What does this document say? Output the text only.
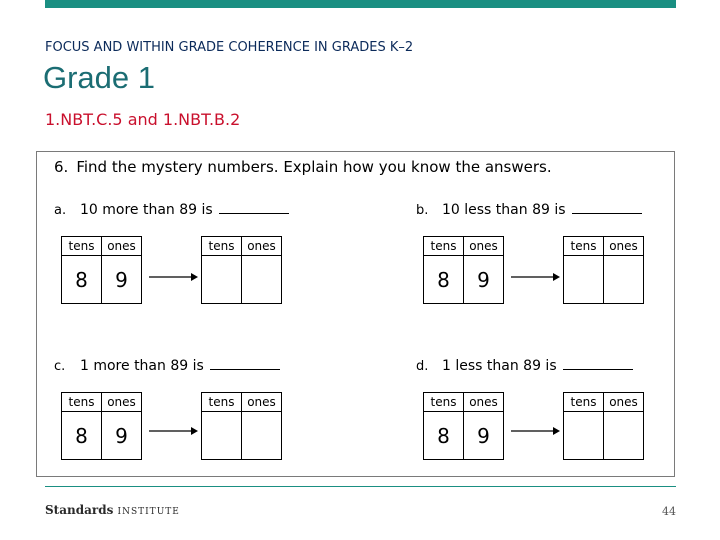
FOCUS AND WITHIN GRADE COHERENCE IN GRADES K–2
Grade 1
1.NBT.C.5 and 1.NBT.B.2
6. Find the mystery numbers. Explain how you know the answers.
a. 10 more than 89 is
tens	ones
8	9
tens	ones

b. 10 less than 89 is
tens	ones
8	9
tens	ones

c. 1 more than 89 is
tens	ones
8	9
tens	ones

d. 1 less than 89 is
tens	ones
8	9
tens	ones

Standards INSTITUTE	44
